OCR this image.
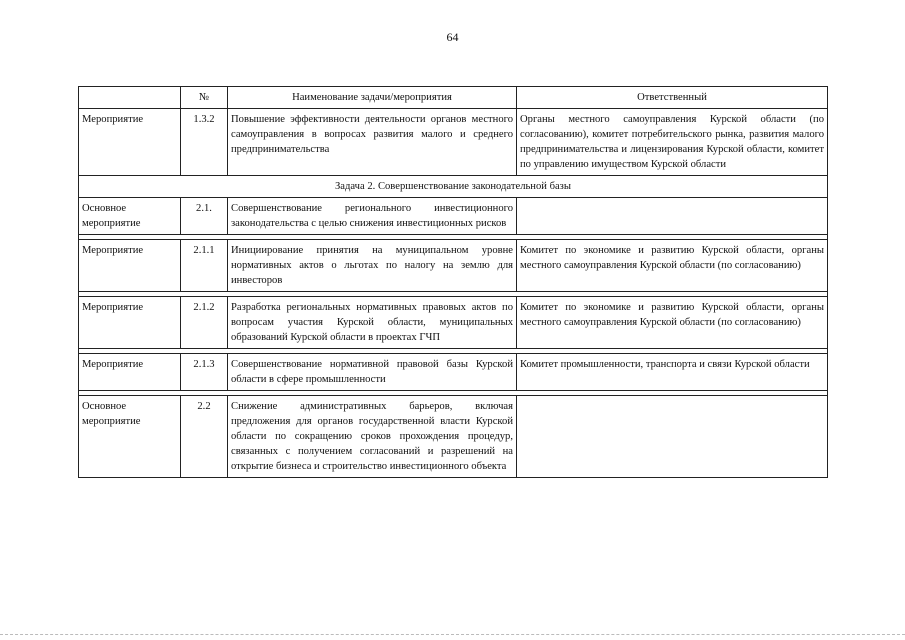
64
	№	Наименование задачи/мероприятия	Ответственный
Мероприятие	1.3.2	Повышение эффективности деятельности органов местного самоуправления в вопросах развития малого и среднего предпринимательства	Органы местного самоуправления Курской области (по согласованию), комитет потребительского рынка, развития малого предпринимательства и лицензирования Курской области, комитет по управлению имуществом Курской области
Задача 2. Совершенствование законодательной базы			
Основное мероприятие	2.1.	Совершенствование регионального инвестиционного законодательства с целью снижения инвестиционных рисков	

Мероприятие	2.1.1	Инициирование принятия на муниципальном уровне нормативных актов о льготах по налогу на землю для инвесторов	Комитет по экономике и развитию Курской области, органы местного самоуправления Курской области (по согласованию)

Мероприятие	2.1.2	Разработка региональных нормативных правовых актов по вопросам участия Курской области, муниципальных образований Курской области в проектах ГЧП	Комитет по экономике и развитию Курской области, органы местного самоуправления Курской области (по согласованию)

Мероприятие	2.1.3	Совершенствование нормативной правовой базы Курской области в сфере промышленности	Комитет промышленности, транспорта и связи Курской области

Основное мероприятие	2.2	Снижение административных барьеров, включая предложения для органов государственной власти Курской области по сокращению сроков прохождения процедур, связанных с получением согласований и разрешений на открытие бизнеса и строительство инвестиционного объекта	
